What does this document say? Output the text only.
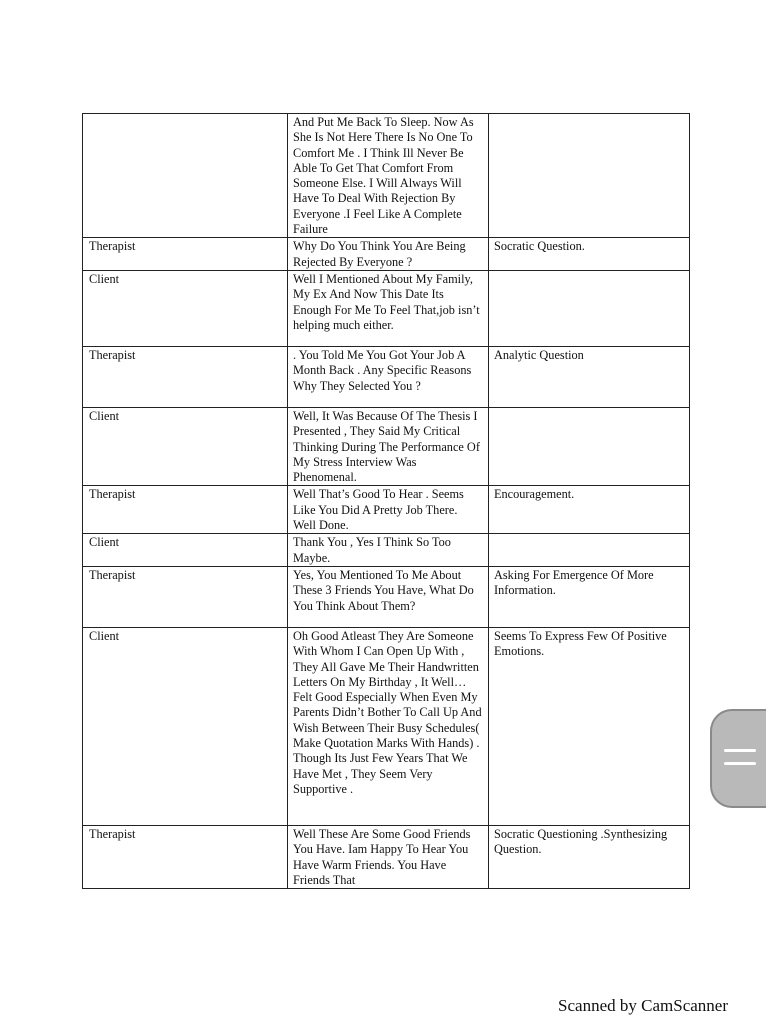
	And Put Me Back To Sleep. Now As She Is Not Here There Is No One To Comfort Me . I Think Ill Never Be Able To Get That Comfort From Someone Else. I Will Always Will Have To Deal With Rejection By Everyone .I Feel Like A Complete Failure	
Therapist	Why Do You Think You Are Being Rejected By Everyone ?	Socratic Question.
Client	Well I Mentioned About My Family, My Ex And Now This Date Its Enough For Me To Feel That,job isn’t helping much either.	
Therapist	. You Told Me You Got Your Job A Month Back . Any Specific Reasons Why They Selected You ?	Analytic Question
Client	Well, It Was Because Of The Thesis I Presented , They Said My Critical Thinking During The Performance Of My Stress Interview Was Phenomenal.	
Therapist	Well That’s Good To Hear . Seems Like You Did A Pretty Job There. Well Done.	Encouragement.
Client	Thank You , Yes I Think So Too Maybe.	
Therapist	Yes, You Mentioned To Me About These 3 Friends You Have, What Do You Think About Them?	Asking For Emergence Of More Information.
Client	Oh Good Atleast They Are Someone With Whom I Can Open Up With , They All Gave Me Their Handwritten Letters On My Birthday , It Well… Felt Good Especially When Even My Parents Didn’t Bother To Call Up And Wish Between Their Busy Schedules( Make Quotation Marks With Hands) . Though Its Just Few Years That We Have Met , They Seem Very Supportive .	Seems To Express Few Of Positive Emotions.
Therapist	Well These Are Some Good Friends You Have. Iam Happy To Hear You Have Warm Friends. You Have Friends That	Socratic Questioning .Synthesizing Question.
Scanned by CamScanner
